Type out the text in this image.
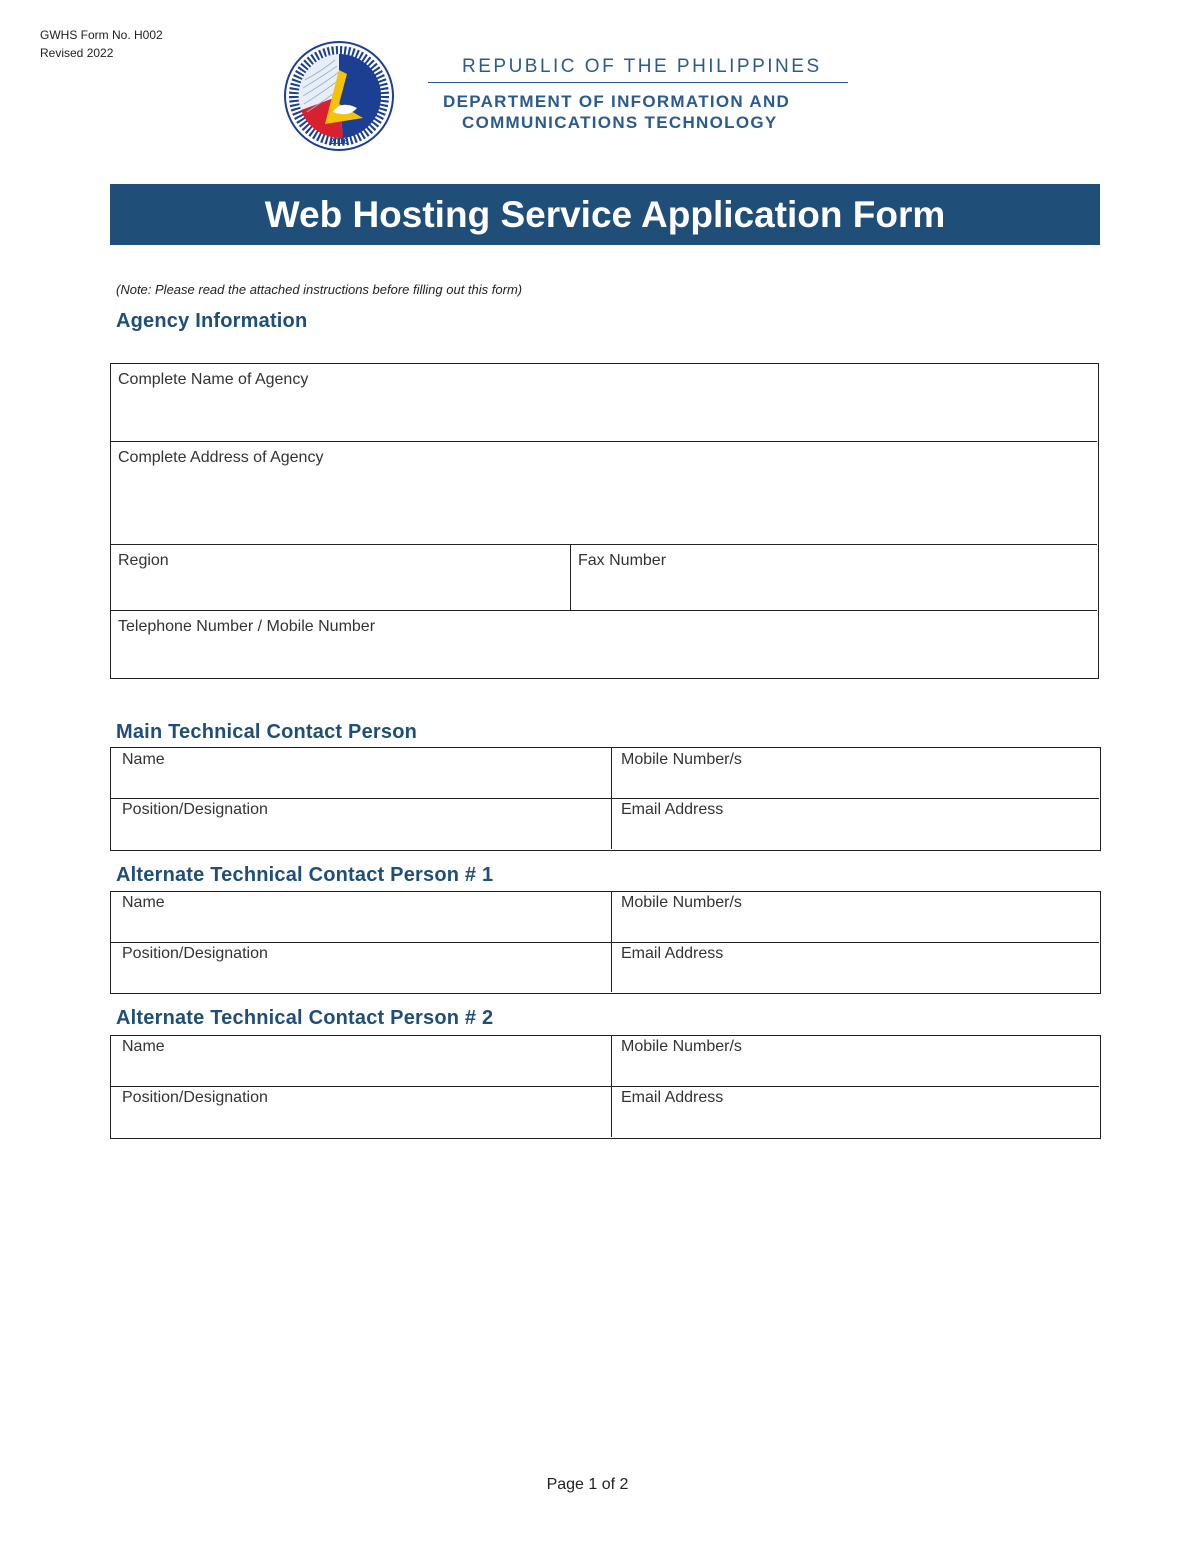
GWHS Form No. H002
Revised 2022
2016
REPUBLIC OF THE PHILIPPINES
DEPARTMENT OF INFORMATION AND
COMMUNICATIONS TECHNOLOGY
Web Hosting Service Application Form
(Note: Please read the attached instructions before filling out this form)
Agency Information
Complete Name of Agency
Complete Address of Agency
Region	Fax Number
Telephone Number / Mobile Number
Main Technical Contact Person
Name	Mobile Number/s
Position/Designation	Email Address
Alternate Technical Contact Person # 1
Name	Mobile Number/s
Position/Designation	Email Address
Alternate Technical Contact Person # 2
Name	Mobile Number/s
Position/Designation	Email Address
Page 1 of 2
